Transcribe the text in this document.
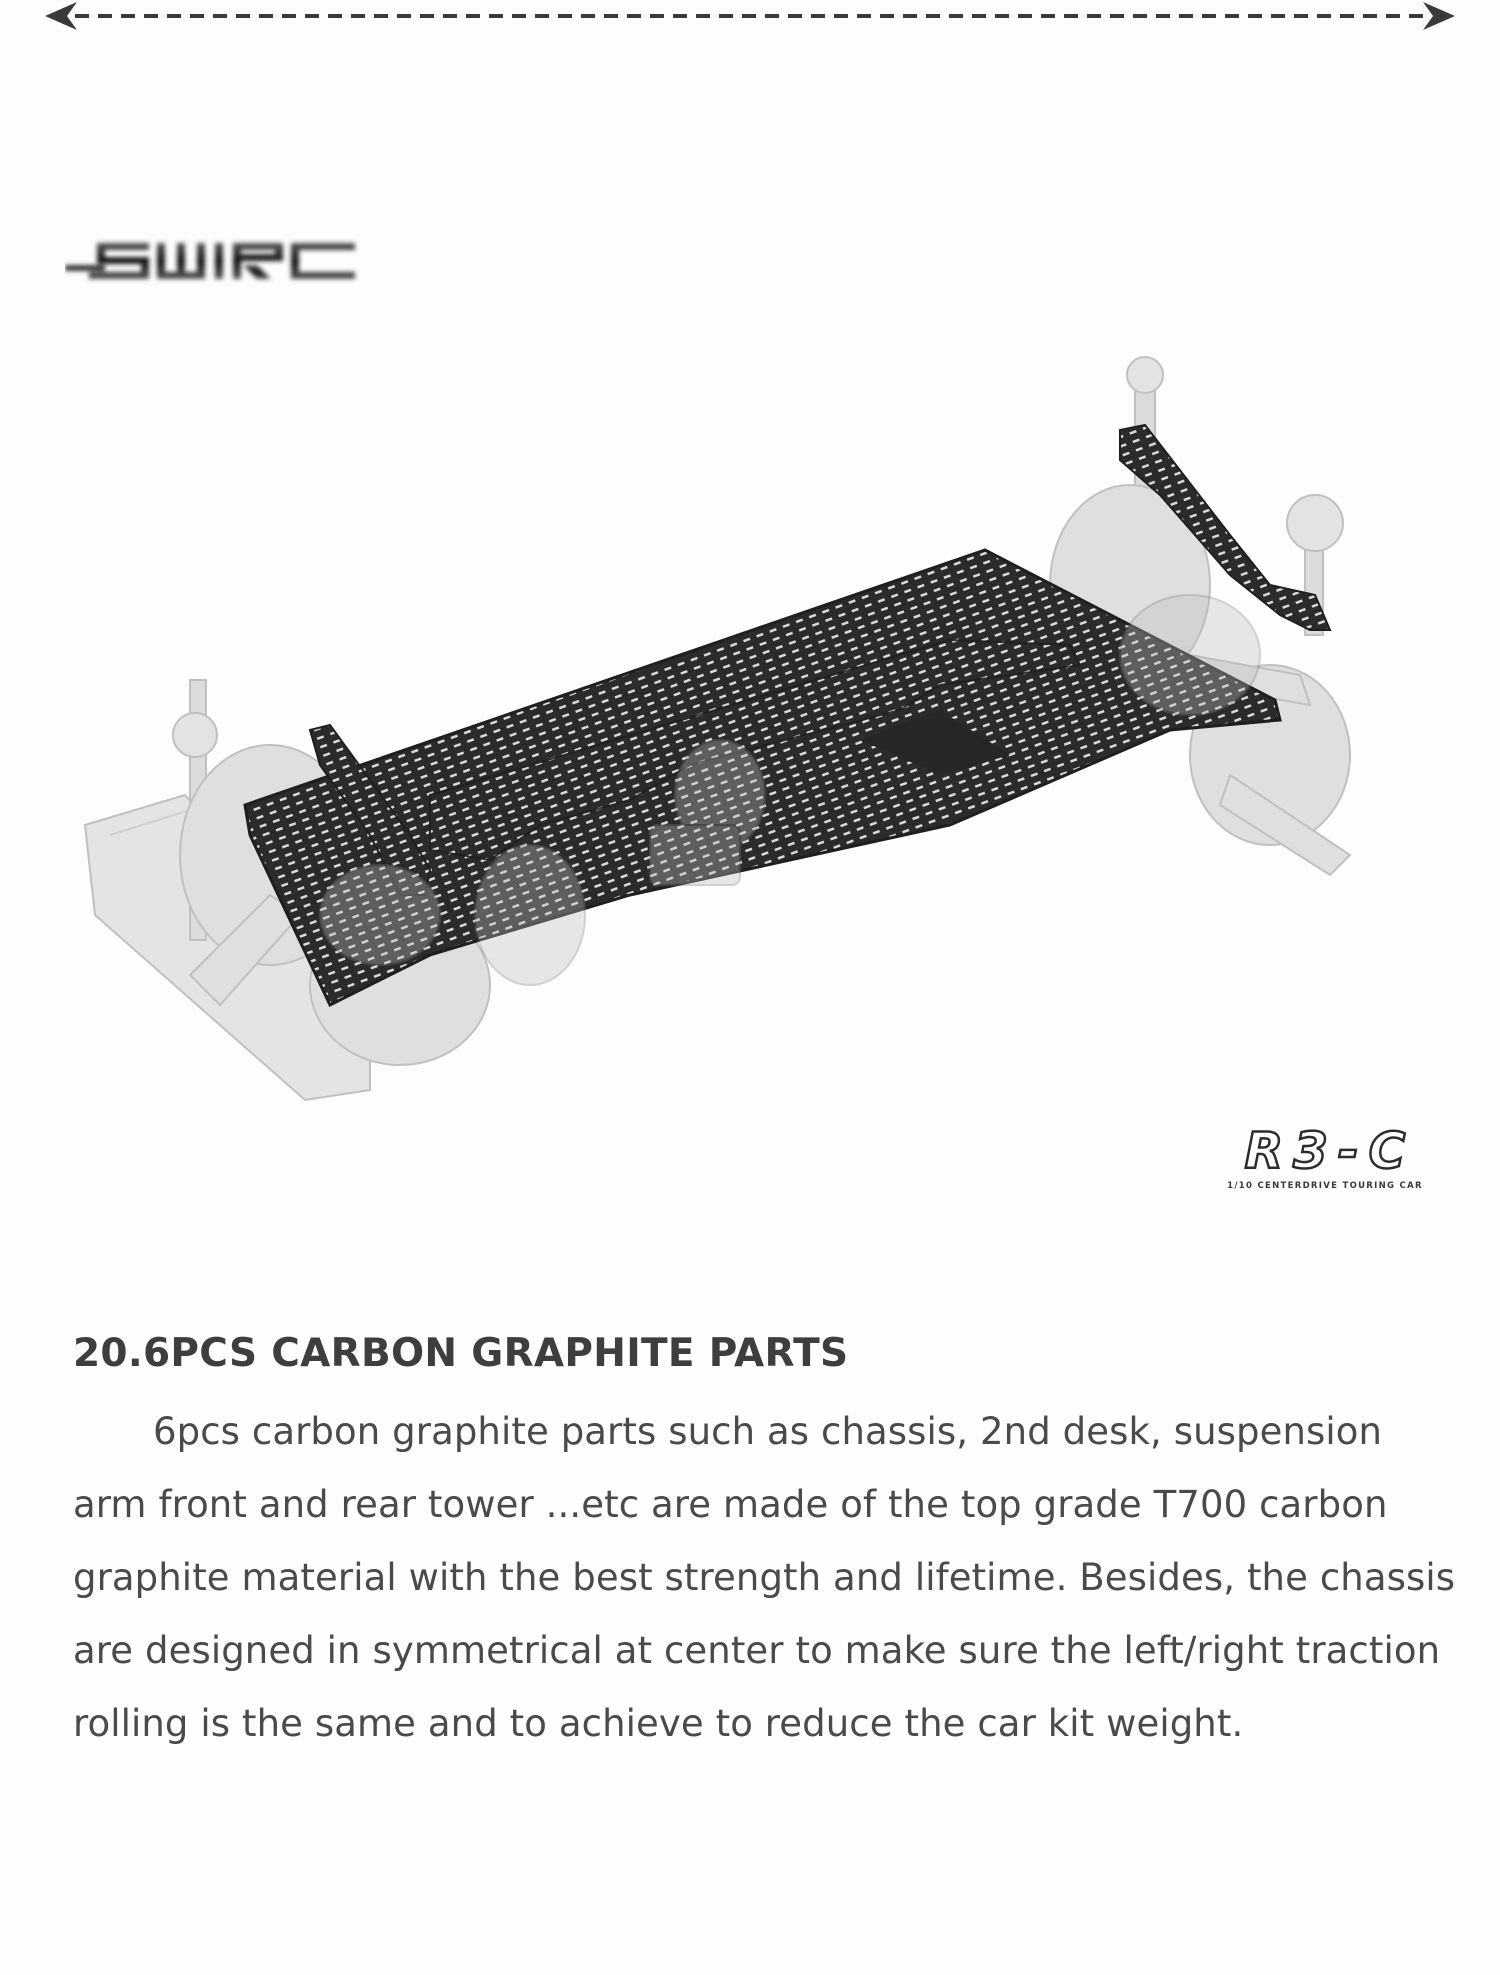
R3-C
1/10 CENTERDRIVE TOURING CAR
20.6PCS CARBON GRAPHITE PARTS

6pcs carbon graphite parts such as chassis, 2nd desk, suspension arm front and rear tower ...etc are made of the top grade T700 carbon graphite material with the best strength and lifetime. Besides, the chassis are designed in symmetrical at center to make sure the left/right traction rolling is the same and to achieve to reduce the car kit weight.
